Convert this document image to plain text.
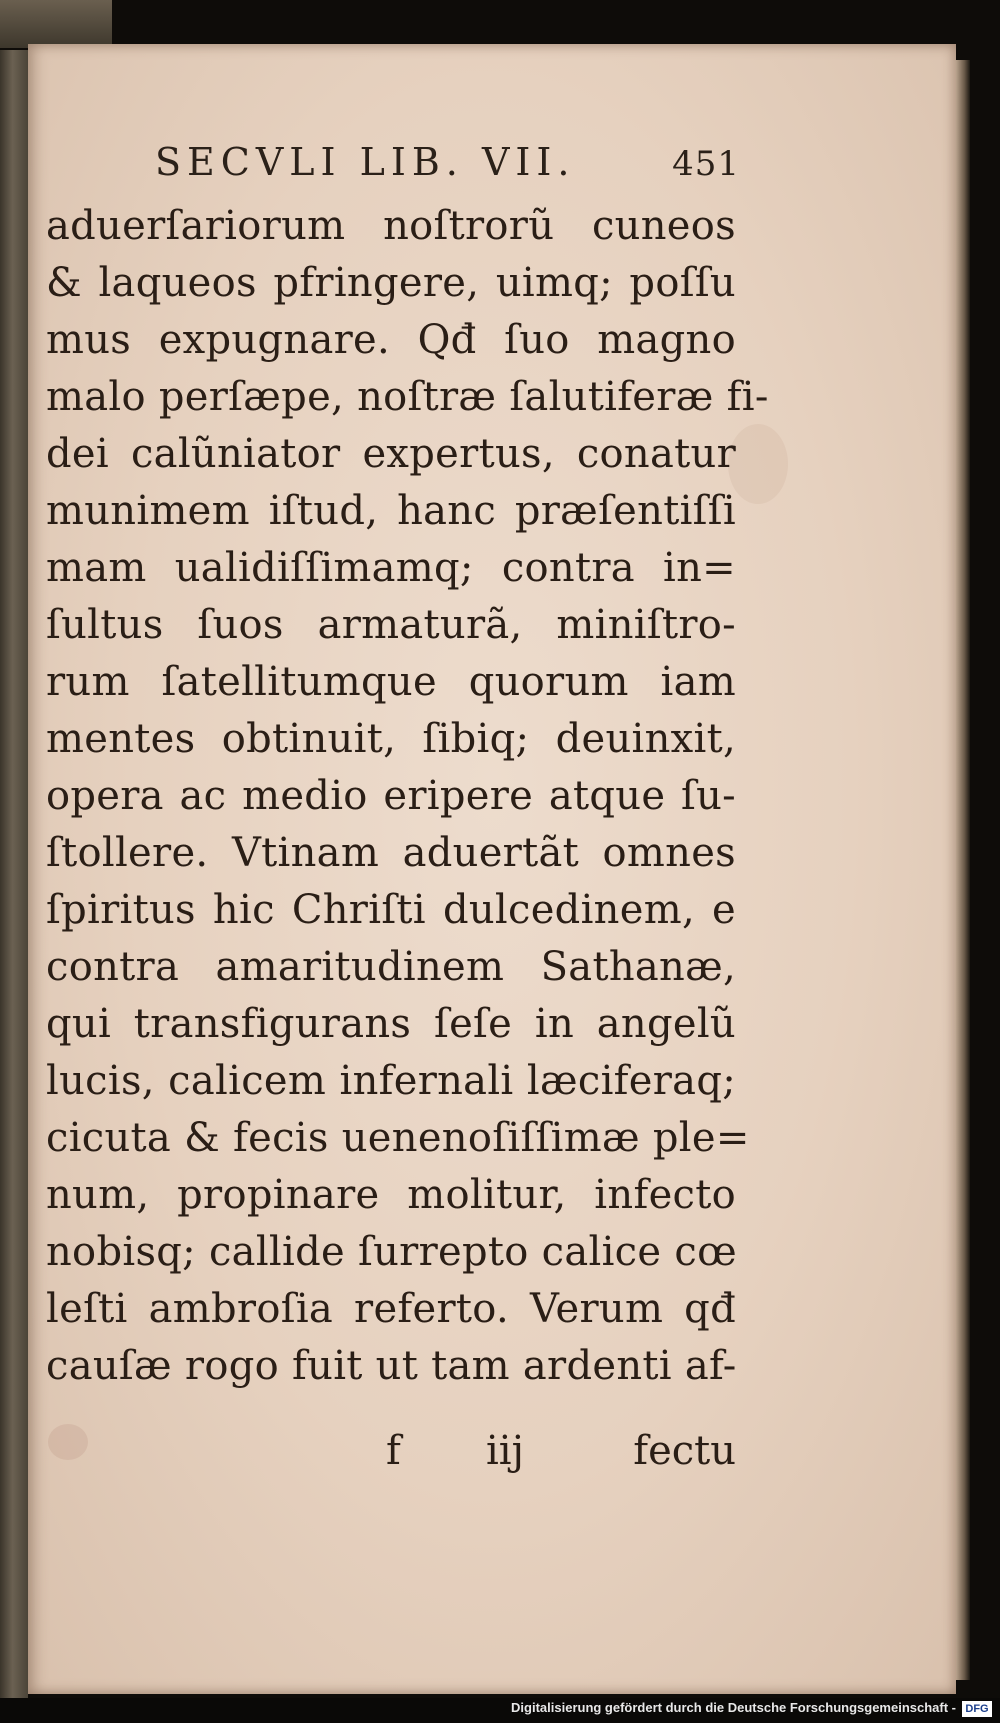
SECVLI LIB. VII.	451
aduerſariorum noſtrorũ cuneos
& laqueos pfringere, uimq; poſſu
mus expugnare. Qđ ſuo magno
malo perſæpe, noſtræ ſalutiferæ fi-
dei calũniator expertus, conatur
munimem iſtud, hanc præſentiſſi
mam ualidiſſimamq; contra in=
ſultus ſuos armaturã, miniſtro-
rum ſatellitumque quorum iam
mentes obtinuit, ſibiq; deuinxit,
opera ac medio eripere atque ſu-
ſtollere. Vtinam aduertãt omnes
ſpiritus hic Chriſti dulcedinem, e
contra amaritudinem Sathanæ,
qui transfigurans ſeſe in angelũ
lucis, calicem infernali læciferaq;
cicuta & fecis uenenoſiſſimæ ple=
num, propinare molitur, infecto
nobisq; callide ſurrepto calice cœ
leſti ambroſia referto. Verum qđ
cauſæ rogo fuit ut tam ardenti af-
f iij	fectu
Digitalisierung gefördert durch die Deutsche Forschungsgemeinschaft - DFG
